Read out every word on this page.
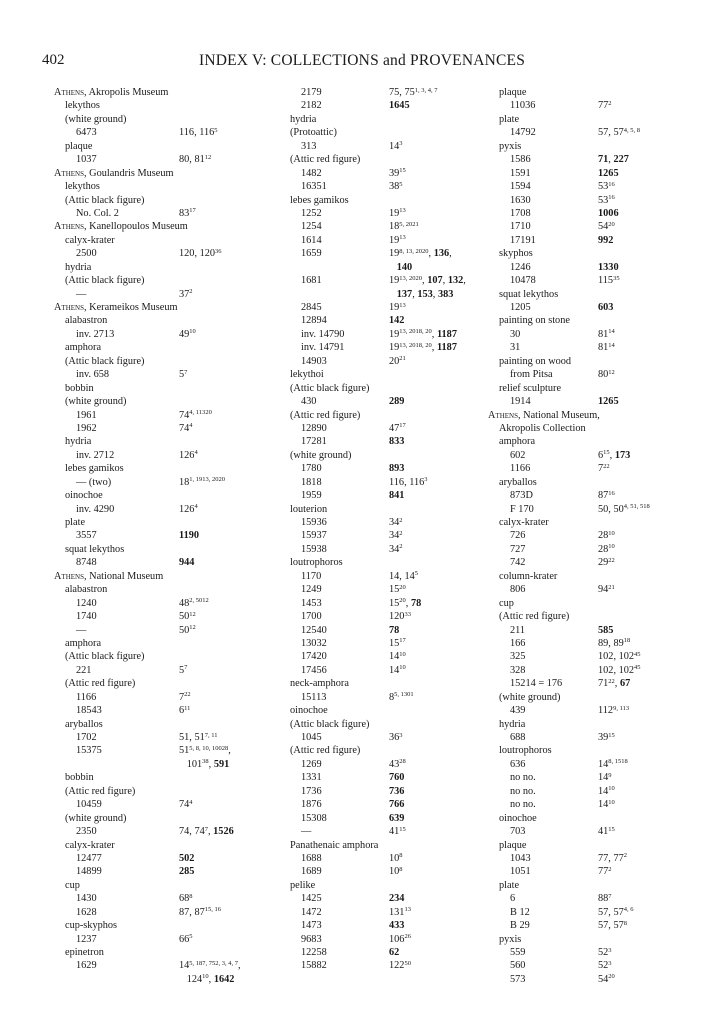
402	INDEX V: COLLECTIONS and PROVENANCES
Athens, Akropolis Museum
lekythos
(white ground)
6473	116, $116^5$
plaque
1037	80, $81^{12}$
Athens, Goulandris Museum
lekythos
(Attic black figure)
No. Col. 2	$83^{17}$
Athens, Kanellopoulos Museum
calyx-krater
2500	120, $120^{36}$
hydria
(Attic black figure)
—	$37^2$
Athens, Kerameikos Museum
alabastron
inv. 2713	$49^{10}$
amphora
(Attic black figure)
inv. 658	$5^7$
bobbin
(white ground)
1961	$74^{4, 11320}$
1962	$74^4$
hydria
inv. 2712	$126^4$
lebes gamikos
— (two)	$18^{1, 1913, 2020}$
oinochoe
inv. 4290	$126^4$
plate
3557	1190
squat lekythos
8748	944
Athens, National Museum
alabastron
1240	$48^{2, 5012}$
1740	$50^{12}$
—	$50^{12}$
amphora
(Attic black figure)
221	$5^7$
(Attic red figure)
1166	$7^{22}$
18543	$6^{11}$
aryballos
1702	51, 51$^{7, 11}$
15375	$51^{5, 8, 10, 10028}$,
$101^{38}$, 591
bobbin
(Attic red figure)
10459	$74^4$
(white ground)
2350	74, $74^7$, 1526
calyx-krater
12477	502
14899	285
cup
1430	$68^8$
1628	87, 87$^{15, 16}$
cup-skyphos
1237	$66^5$
epinetron
1629	14$^{5, 187, 752, 3, 4, 7}$,
$124^{10}$, 1642
2179	75, 75$^{1, 3, 4, 7}$
2182	1645
hydria
(Protoattic)
313	$14^3$
(Attic red figure)
1482	$39^{15}$
16351	$38^5$
lebes gamikos
1252	$19^{13}$
1254	$18^{5, 2021}$
1614	$19^{13}$
1659	$19^{8, 13, 2020}$, 136,
140
1681	$19^{13, 2020}$, 107, 132,
137, 153, 383
2845	$19^{13}$
12894	142
inv. 14790	$19^{13, 2018, 20}$, 1187
inv. 14791	$19^{13, 2018, 20}$, 1187
14903	$20^{21}$
lekythoi
(Attic black figure)
430	289
(Attic red figure)
12890	$47^{17}$
17281	833
(white ground)
1780	893
1818	116, $116^3$
1959	841
louterion
15936	$34^2$
15937	$34^2$
15938	$34^2$
loutrophoros
1170	14, $14^5$
1249	$15^{20}$
1453	$15^{20}$, 78
1700	$120^{33}$
12540	78
13032	$15^{17}$
17420	$14^{10}$
17456	$14^{10}$
neck-amphora
15113	$8^{5, 1301}$
oinochoe
(Attic black figure)
1045	$36^3$
(Attic red figure)
1269	$43^{28}$
1331	760
1736	736
1876	766
15308	639
—	$41^{15}$
Panathenaic amphora
1688	$10^8$
1689	$10^8$
pelike
1425	234
1472	$131^{13}$
1473	433
9683	$106^{26}$
12258	62
15882	$122^{50}$
plaque
11036	$77^2$
plate
14792	57, 57$^{4, 5, 8}$
pyxis
1586	71, 227
1591	1265
1594	$53^{16}$
1630	$53^{16}$
1708	1006
1710	$54^{20}$
17191	992
skyphos
1246	1330
10478	$115^{35}$
squat lekythos
1205	603
painting on stone
30	$81^{14}$
31	$81^{14}$
painting on wood
from Pitsa	$80^{12}$
relief sculpture
1914	1265
Athens, National Museum,
Akropolis Collection
amphora
602	$6^{15}$, 173
1166	$7^{22}$
aryballos
873D	$87^{16}$
F 170	50, 50$^{4, 51, 518}$
calyx-krater
726	$28^{10}$
727	$28^{10}$
742	$29^{22}$
column-krater
806	$94^{21}$
cup
(Attic red figure)
211	585
166	89, $89^{18}$
325	102, $102^{45}$
328	102, $102^{45}$
15214 = 176	$71^{22}$, 67
(white ground)
439	112$^{9, 113}$
hydria
688	$39^{15}$
loutrophoros
636	$14^{8, 1518}$
no no.	$14^9$
no no.	$14^{10}$
no no.	$14^{10}$
oinochoe
703	$41^{15}$
plaque
1043	77, $77^2$
1051	$77^2$
plate
6	$88^7$
B 12	57, 57$^{4, 6}$
B 29	57, $57^8$
pyxis
559	$52^3$
560	$52^3$
573	$54^{20}$
